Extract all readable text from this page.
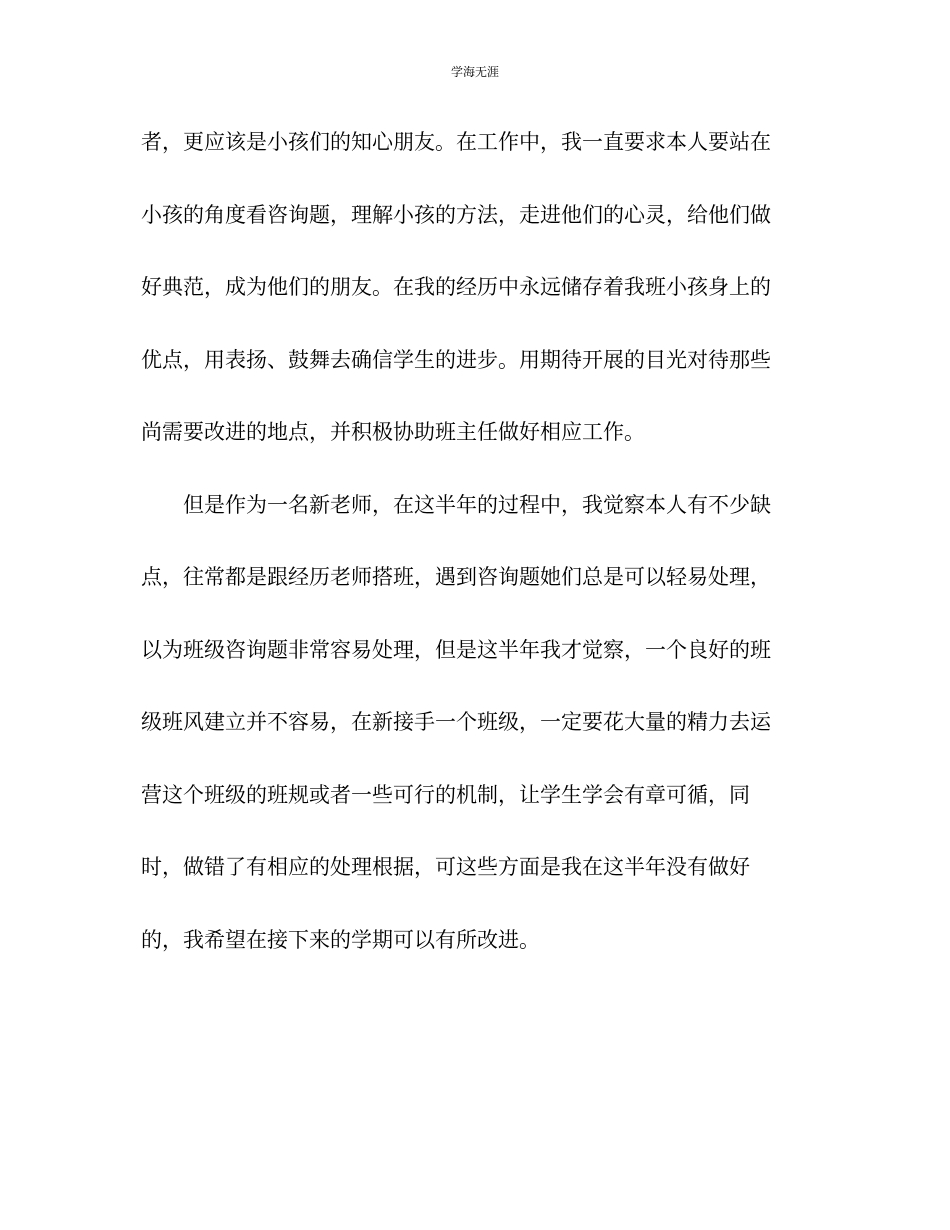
学海无涯
者，更应该是小孩们的知心朋友。在工作中，我一直要求本人要站在
小孩的角度看咨询题，理解小孩的方法，走进他们的心灵，给他们做
好典范，成为他们的朋友。在我的经历中永远储存着我班小孩身上的
优点，用表扬、鼓舞去确信学生的进步。用期待开展的目光对待那些
尚需要改进的地点，并积极协助班主任做好相应工作。
但是作为一名新老师，在这半年的过程中，我觉察本人有不少缺
点，往常都是跟经历老师搭班，遇到咨询题她们总是可以轻易处理，
以为班级咨询题非常容易处理，但是这半年我才觉察，一个良好的班
级班风建立并不容易，在新接手一个班级，一定要花大量的精力去运
营这个班级的班规或者一些可行的机制，让学生学会有章可循，同
时，做错了有相应的处理根据，可这些方面是我在这半年没有做好
的，我希望在接下来的学期可以有所改进。
